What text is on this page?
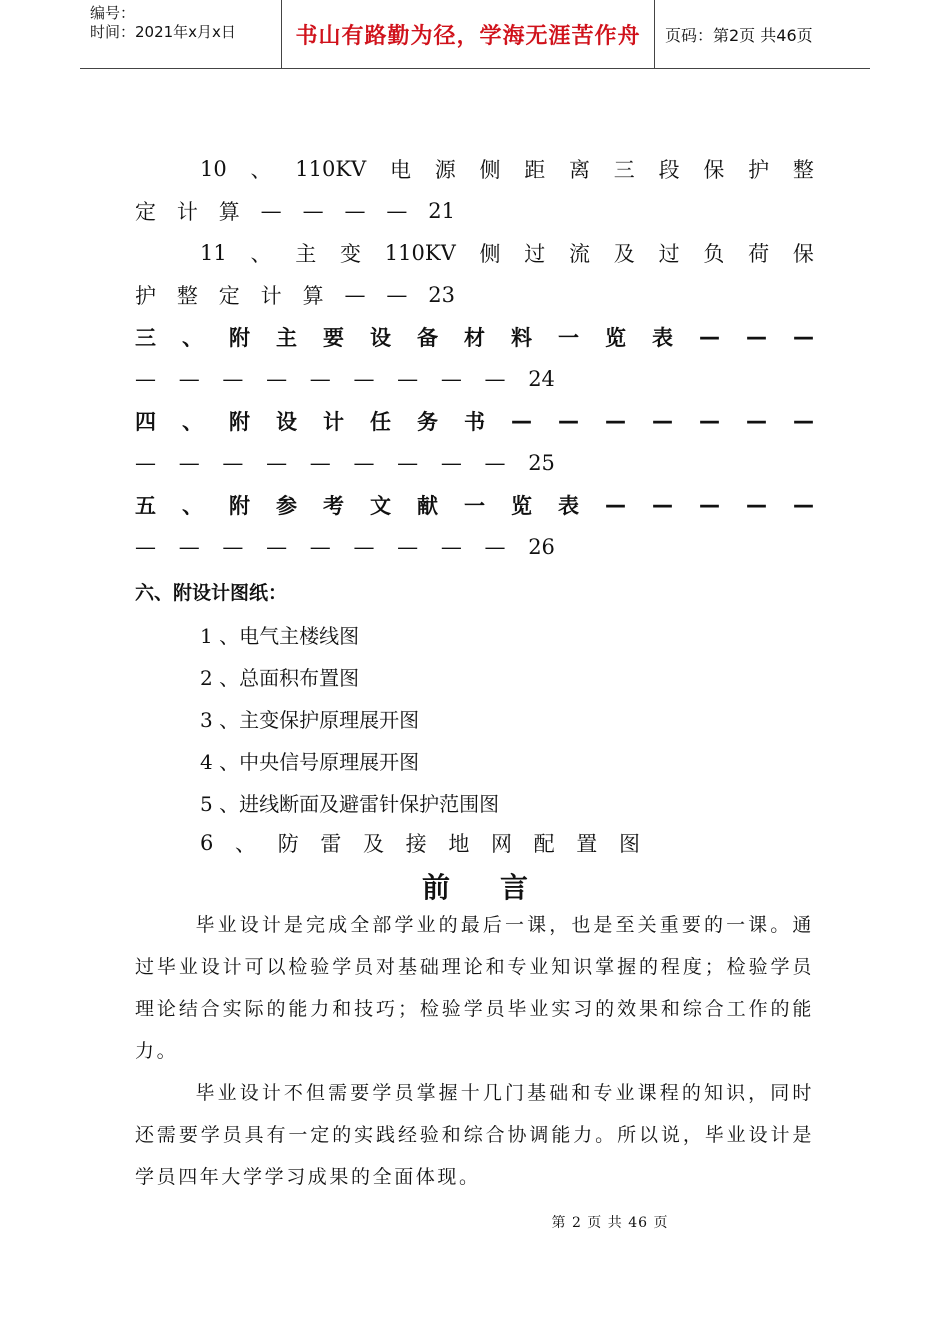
编号：
时间：2021年x月x日	书山有路勤为径，学海无涯苦作舟	页码：第2页 共46页
10 、 110KV 电 源 侧 距 离 三 段 保 护 整
定 计 算 — — — — 21
11 、 主 变 110KV 侧 过 流 及 过 负 荷 保
护 整 定 计 算 — — 23
三 、 附 主 要 设 备 材 料 一 览 表 — — —
— — — — — — — — — 24
四 、 附 设 计 任 务 书 — — — — — — —
— — — — — — — — — 25
五 、 附 参 考 文 献 一 览 表 — — — — —
— — — — — — — — — 26
六、附设计图纸：
1 、电气主楼线图
2 、总面积布置图
3 、主变保护原理展开图
4 、中央信号原理展开图
5 、进线断面及避雷针保护范围图
6 、 防 雷 及 接 地 网 配 置 图
前言
毕业设计是完成全部学业的最后一课，也是至关重要的一课。通过毕业设计可以检验学员对基础理论和专业知识掌握的程度；检验学员理论结合实际的能力和技巧；检验学员毕业实习的效果和综合工作的能力。
毕业设计不但需要学员掌握十几门基础和专业课程的知识，同时还需要学员具有一定的实践经验和综合协调能力。所以说，毕业设计是学员四年大学学习成果的全面体现。
第 2 页 共 46 页
